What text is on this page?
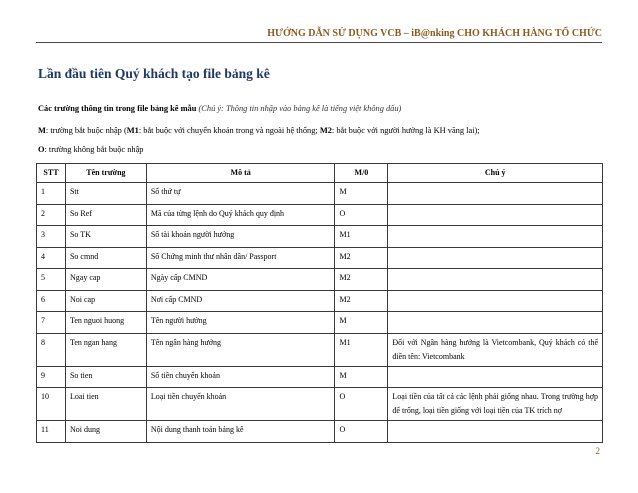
HƯỚNG DẪN SỬ DỤNG VCB – iB@nking CHO KHÁCH HÀNG TỔ CHỨC
Lần đầu tiên Quý khách tạo file bảng kê
Các trường thông tin trong file bảng kê mẫu (Chú ý: Thông tin nhập vào bảng kê là tiếng việt không dấu)
M: trường bắt buộc nhập (M1: bắt buộc với chuyển khoản trong và ngoài hệ thống; M2: bắt buộc với người hưởng là KH vãng lai);
O: trường không bắt buộc nhập
STT	Tên trường	Mô tả	M/0	Chú ý
1	Stt	Số thứ tự	M	
2	So Ref	Mã của từng lệnh do Quý khách quy định	O	
3	So TK	Số tài khoản người hưởng	M1	
4	So cmnd	Số Chứng minh thư nhân dân/ Passport	M2	
5	Ngay cap	Ngày cấp CMND	M2	
6	Noi cap	Nơi cấp CMND	M2	
7	Ten nguoi huong	Tên người hưởng	M	
8	Ten ngan hang	Tên ngân hàng hưởng	M1	Đối với Ngân hàng hưởng là Vietcombank, Quý khách có thể điền tên: Vietcombank
9	So tien	Số tiền chuyển khoản	M	
10	Loai tien	Loại tiền chuyển khoản	O	Loại tiền của tất cả các lệnh phải giống nhau. Trong trường hợp để trống, loại tiền giống với loại tiền của TK trích nợ
11	Noi dung	Nội dung thanh toán bảng kê	O	
2
